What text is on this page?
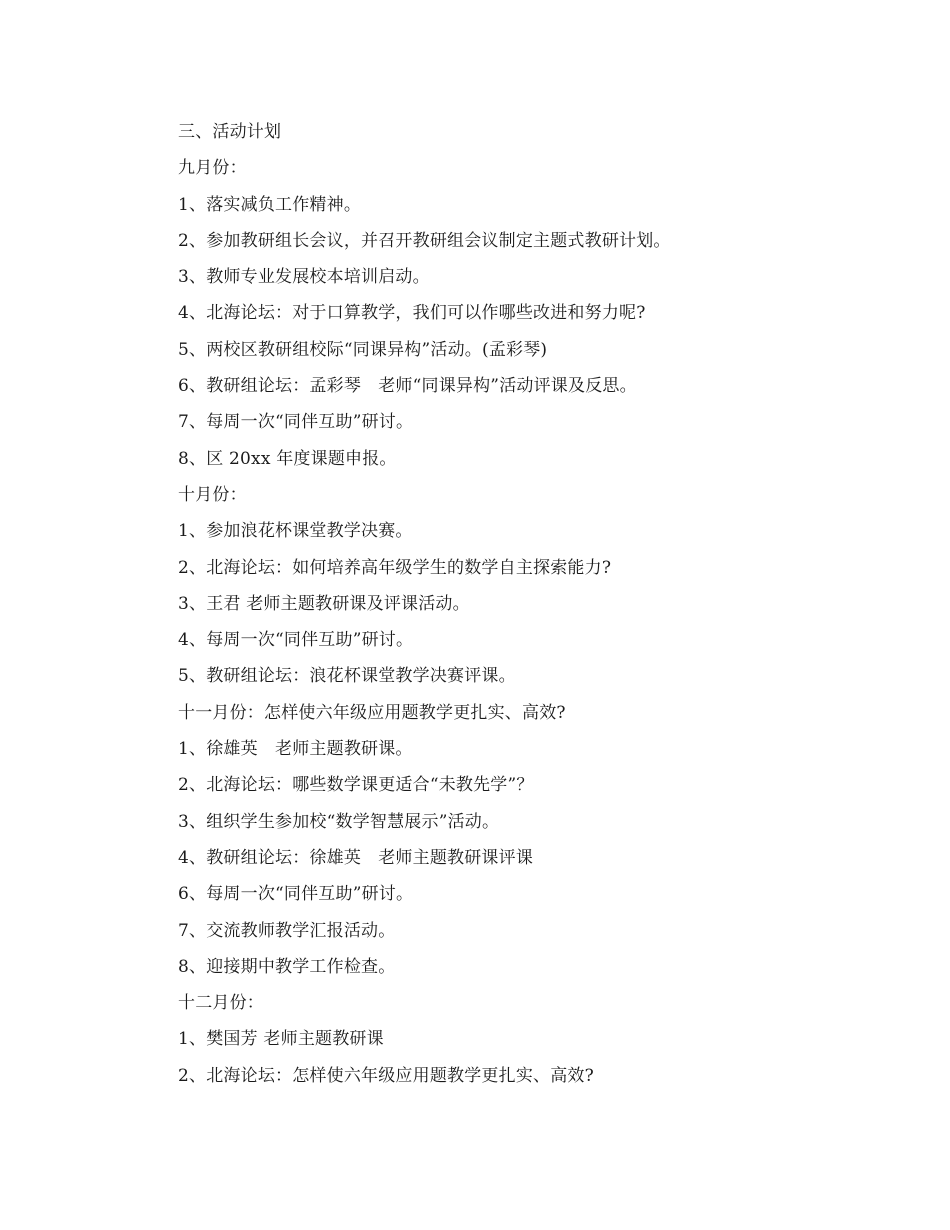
三、活动计划
九月份：
1、落实减负工作精神。
2、参加教研组长会议，并召开教研组会议制定主题式教研计划。
3、教师专业发展校本培训启动。
4、北海论坛：对于口算教学，我们可以作哪些改进和努力呢?
5、两校区教研组校际“同课异构”活动。(孟彩琴)
6、教研组论坛：孟彩琴　老师“同课异构”活动评课及反思。
7、每周一次“同伴互助”研讨。
8、区 20xx 年度课题申报。
十月份：
1、参加浪花杯课堂教学决赛。
2、北海论坛：如何培养高年级学生的数学自主探索能力?
3、王君 老师主题教研课及评课活动。
4、每周一次“同伴互助”研讨。
5、教研组论坛：浪花杯课堂教学决赛评课。
十一月份：怎样使六年级应用题教学更扎实、高效?
1、徐雄英　老师主题教研课。
2、北海论坛：哪些数学课更适合“未教先学”？
3、组织学生参加校“数学智慧展示”活动。
4、教研组论坛：徐雄英　老师主题教研课评课
6、每周一次“同伴互助”研讨。
7、交流教师教学汇报活动。
8、迎接期中教学工作检查。
十二月份：
1、樊国芳 老师主题教研课
2、北海论坛：怎样使六年级应用题教学更扎实、高效?
